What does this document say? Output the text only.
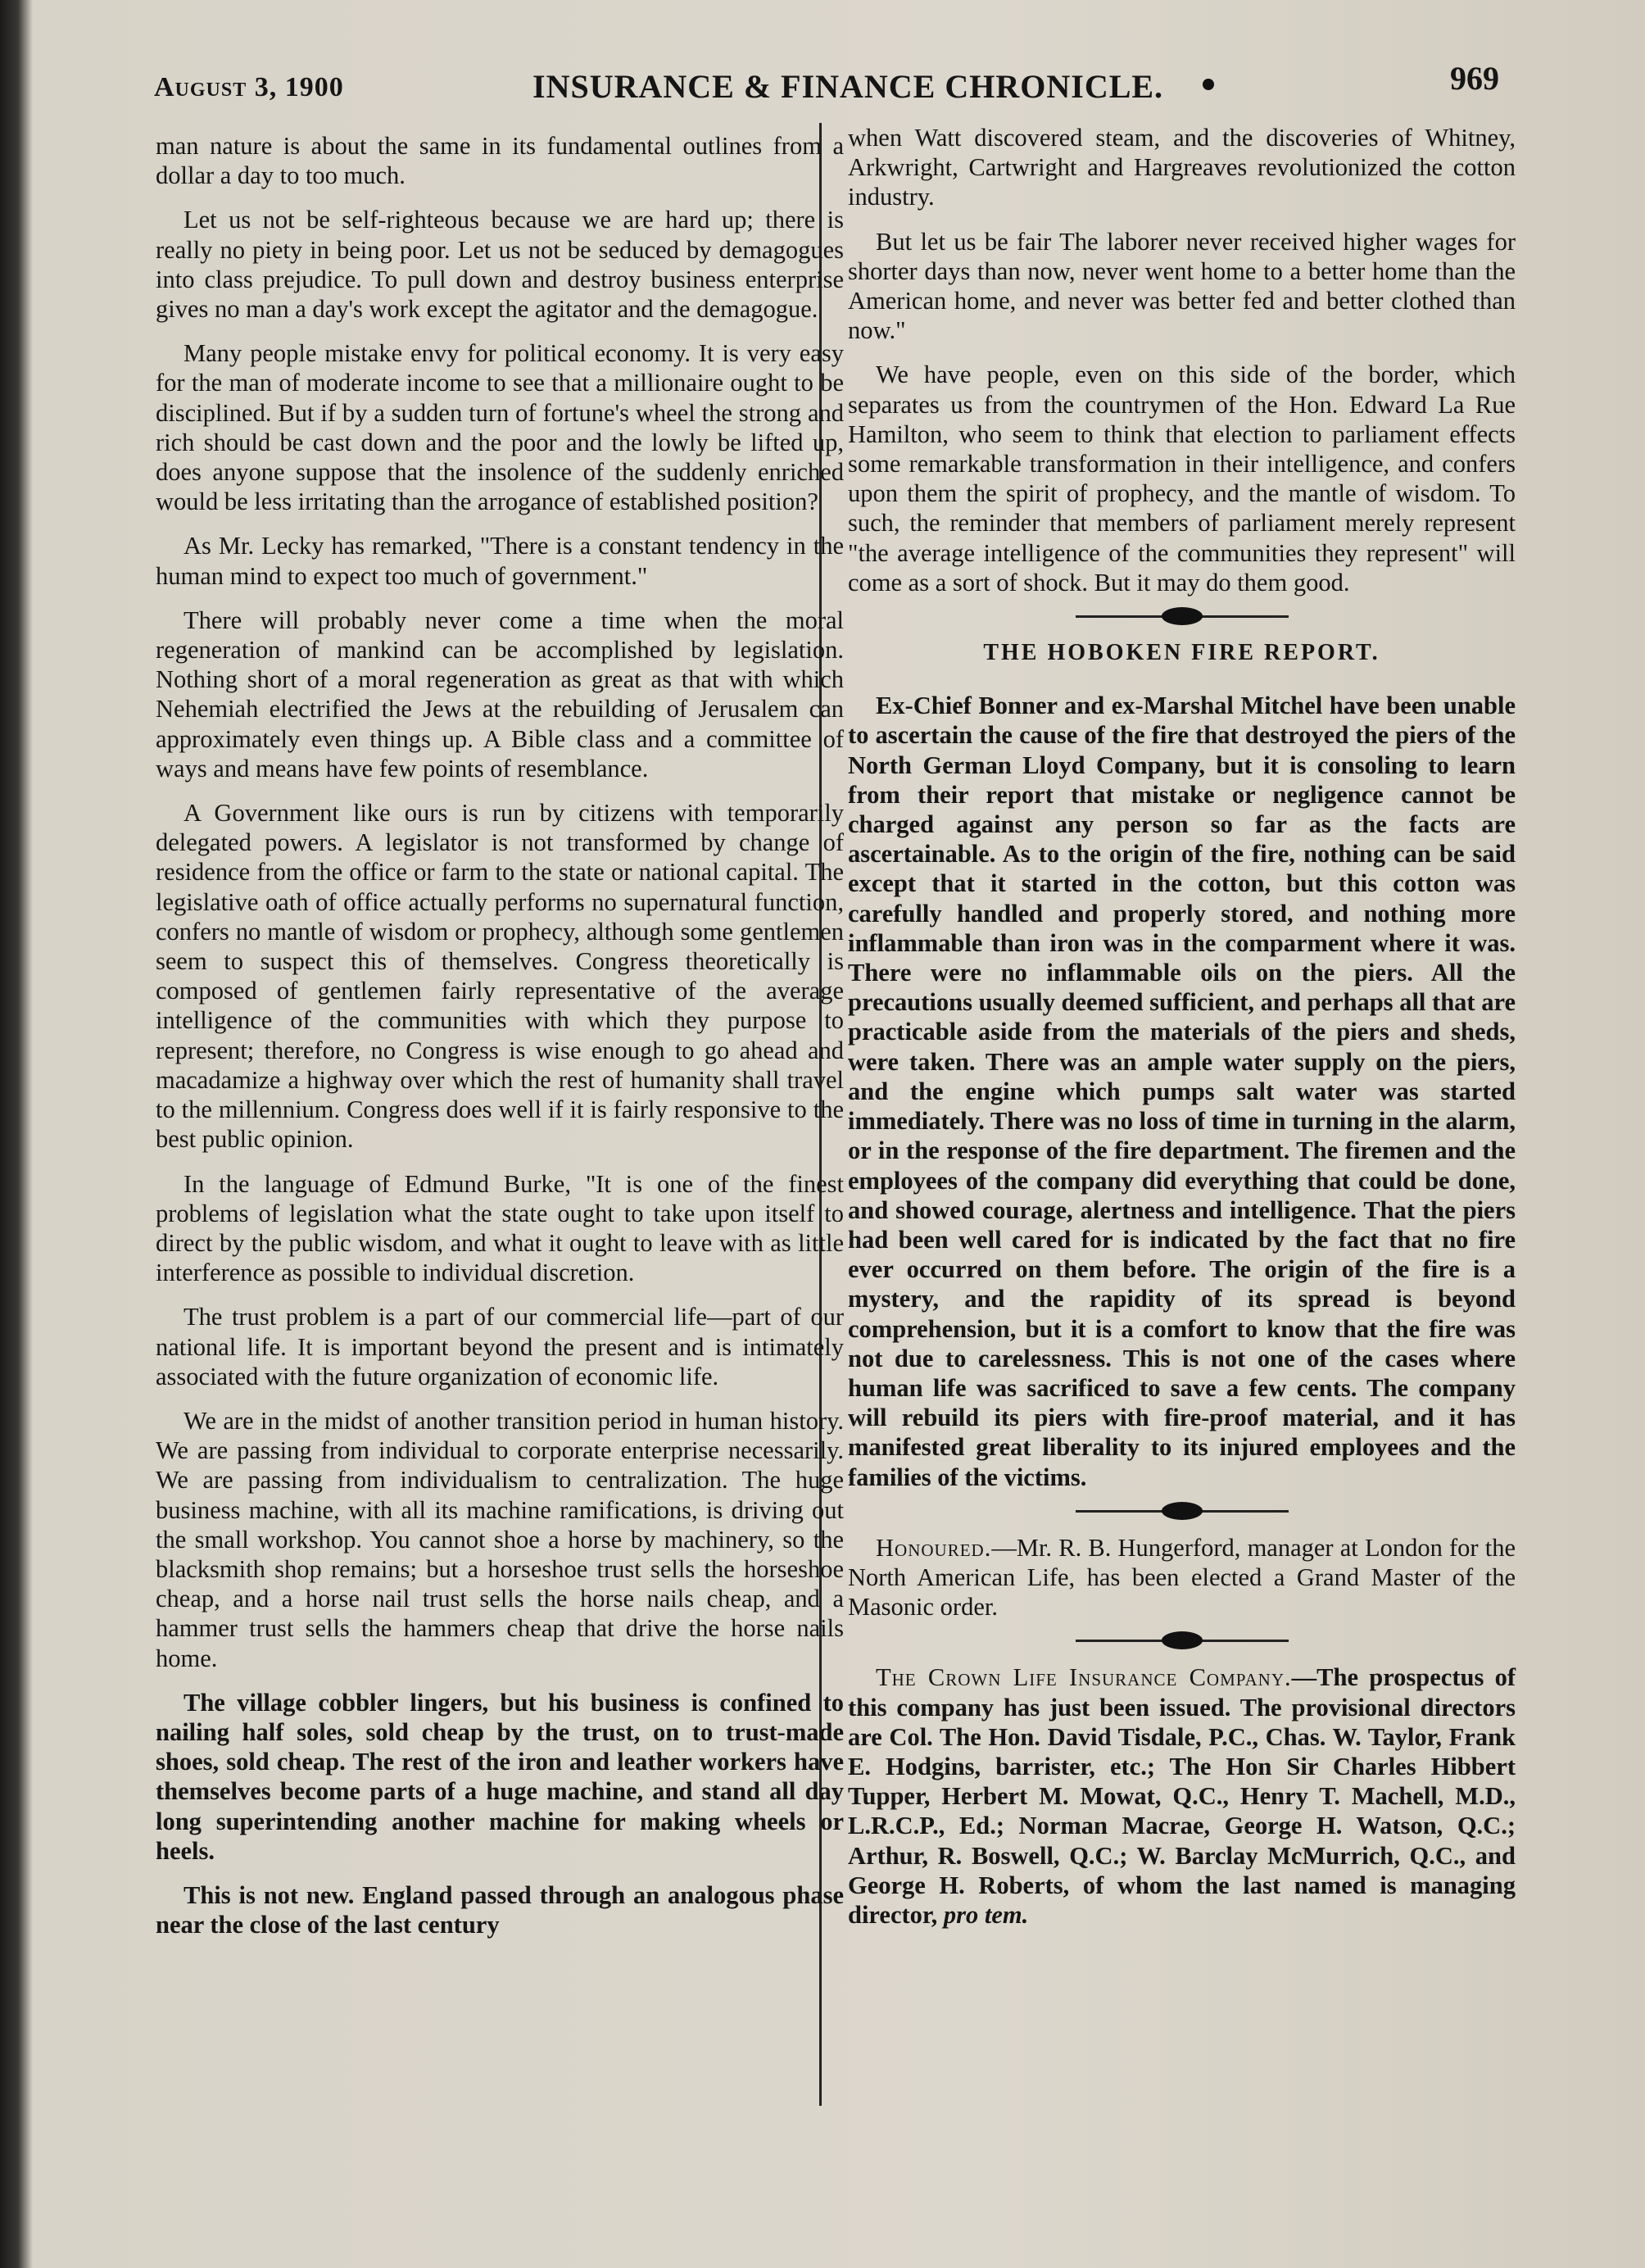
August 3, 1900	INSURANCE & FINANCE CHRONICLE.	969

man nature is about the same in its fundamental outlines from a dollar a day to too much.

Let us not be self-righteous because we are hard up; there is really no piety in being poor. Let us not be seduced by demagogues into class prejudice. To pull down and destroy business enterprise gives no man a day's work except the agitator and the demagogue.

Many people mistake envy for political economy. It is very easy for the man of moderate income to see that a millionaire ought to be disciplined. But if by a sudden turn of fortune's wheel the strong and rich should be cast down and the poor and the lowly be lifted up, does anyone suppose that the insolence of the suddenly enriched would be less irritating than the arrogance of established position?

As Mr. Lecky has remarked, "There is a constant tendency in the human mind to expect too much of government."

There will probably never come a time when the moral regeneration of mankind can be accomplished by legislation. Nothing short of a moral regeneration as great as that with which Nehemiah electrified the Jews at the rebuilding of Jerusalem can approximately even things up. A Bible class and a committee of ways and means have few points of resemblance.

A Government like ours is run by citizens with temporarily delegated powers. A legislator is not transformed by change of residence from the office or farm to the state or national capital. The legislative oath of office actually performs no supernatural function, confers no mantle of wisdom or prophecy, although some gentlemen seem to suspect this of themselves. Congress theoretically is composed of gentlemen fairly representative of the average intelligence of the communities with which they purpose to represent; therefore, no Congress is wise enough to go ahead and macadamize a highway over which the rest of humanity shall travel to the millennium. Congress does well if it is fairly responsive to the best public opinion.

In the language of Edmund Burke, "It is one of the finest problems of legislation what the state ought to take upon itself to direct by the public wisdom, and what it ought to leave with as little interference as possible to individual discretion.

The trust problem is a part of our commercial life—part of our national life. It is important beyond the present and is intimately associated with the future organization of economic life.

We are in the midst of another transition period in human history. We are passing from individual to corporate enterprise necessarily. We are passing from individualism to centralization. The huge business machine, with all its machine ramifications, is driving out the small workshop. You cannot shoe a horse by machinery, so the blacksmith shop remains; but a horseshoe trust sells the horseshoe cheap, and a horse nail trust sells the horse nails cheap, and a hammer trust sells the hammers cheap that drive the horse nails home.

The village cobbler lingers, but his business is confined to nailing half soles, sold cheap by the trust, on to trust-made shoes, sold cheap. The rest of the iron and leather workers have themselves become parts of a huge machine, and stand all day long superintending another machine for making wheels or heels.

This is not new. England passed through an analogous phase near the close of the last century

when Watt discovered steam, and the discoveries of Whitney, Arkwright, Cartwright and Hargreaves revolutionized the cotton industry.

But let us be fair The laborer never received higher wages for shorter days than now, never went home to a better home than the American home, and never was better fed and better clothed than now."

We have people, even on this side of the border, which separates us from the countrymen of the Hon. Edward La Rue Hamilton, who seem to think that election to parliament effects some remarkable transformation in their intelligence, and confers upon them the spirit of prophecy, and the mantle of wisdom. To such, the reminder that members of parliament merely represent "the average intelligence of the communities they represent" will come as a sort of shock. But it may do them good.

THE HOBOKEN FIRE REPORT.

Ex-Chief Bonner and ex-Marshal Mitchel have been unable to ascertain the cause of the fire that destroyed the piers of the North German Lloyd Company, but it is consoling to learn from their report that mistake or negligence cannot be charged against any person so far as the facts are ascertainable. As to the origin of the fire, nothing can be said except that it started in the cotton, but this cotton was carefully handled and properly stored, and nothing more inflammable than iron was in the comparment where it was. There were no inflammable oils on the piers. All the precautions usually deemed sufficient, and perhaps all that are practicable aside from the materials of the piers and sheds, were taken. There was an ample water supply on the piers, and the engine which pumps salt water was started immediately. There was no loss of time in turning in the alarm, or in the response of the fire department. The firemen and the employees of the company did everything that could be done, and showed courage, alertness and intelligence. That the piers had been well cared for is indicated by the fact that no fire ever occurred on them before. The origin of the fire is a mystery, and the rapidity of its spread is beyond comprehension, but it is a comfort to know that the fire was not due to carelessness. This is not one of the cases where human life was sacrificed to save a few cents. The company will rebuild its piers with fire-proof material, and it has manifested great liberality to its injured employees and the families of the victims.

Honoured.—Mr. R. B. Hungerford, manager at London for the North American Life, has been elected a Grand Master of the Masonic order.

The Crown Life Insurance Company.—The prospectus of this company has just been issued. The provisional directors are Col. The Hon. David Tisdale, P.C., Chas. W. Taylor, Frank E. Hodgins, barrister, etc.; The Hon Sir Charles Hibbert Tupper, Herbert M. Mowat, Q.C., Henry T. Machell, M.D., L.R.C.P., Ed.; Norman Macrae, George H. Watson, Q.C.; Arthur, R. Boswell, Q.C.; W. Barclay McMurrich, Q.C., and George H. Roberts, of whom the last named is managing director, pro tem.
